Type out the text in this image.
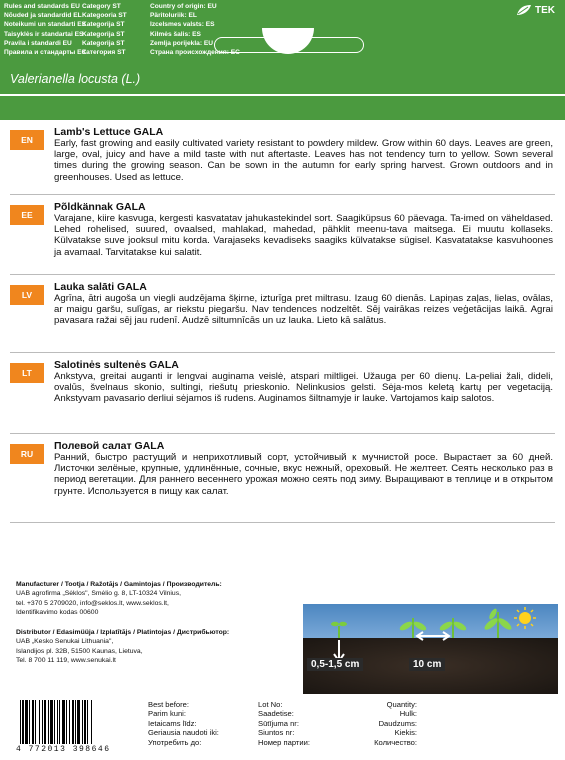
Rules and standards EU
Nõuded ja standardid EL
Noteikumi un standarti ES
Taisyklės ir standartai ES
Pravila i standardi EU
Правила и стандарты ЕС
Category ST
Kategooria ST
Kategorija ST
Kategorija ST
Kategorija ST
Категория ST
Country of origin: EU
Päritoluriik: EL
Izcelsmes valsts: ES
Kilmės šalis: ES
Zemlja porijekla: EU
Страна происхождения: ЕС
Valerianella locusta (L.)
TEK
EN
Lamb's Lettuce GALA
Early, fast growing and easily cultivated variety resistant to powdery mildew. Grow within 60 days. Leaves are green, large, oval, juicy and have a mild taste with nut aftertaste. Leaves has not tendency turn to yellow. Sown several times during the growing season. Can be sown in the autumn for early spring harvest. Grown outdoors and in greenhouses. Used as lettuce.
EE
Põldkännak GALA
Varajane, kiire kasvuga, kergesti kasvatatav jahukastekindel sort. Saagiküpsus 60 päevaga. Ta-imed on väheldased. Lehed rohelised, suured, ovaalsed, mahlakad, mahedad, pähklit meenu-tava maitsega. Ei muutu kollaseks. Külvatakse suve jooksul mitu korda. Varajaseks kevadiseks saagiks külvatakse sügisel. Kasvatatakse kasvuhoones ja avamaal. Tarvitatakse kui salatit.
LV
Lauka salāti GALA
Agrīna, ātri augoša un viegli audzējama šķirne, izturīga pret miltrasu. Izaug 60 dienās. Lapiņas zaļas, lielas, ovālas, ar maigu garšu, sulīgas, ar riekstu piegaršu. Nav tendences nodzeltēt. Sēj vairākas reizes veģetācijas laikā. Agrai pavasara ražai sēj jau rudenī. Audzē siltumnīcās un uz lauka. Lieto kā salātus.
LT
Salotinės sultenės GALA
Ankstyva, greitai auganti ir lengvai auginama veislė, atspari miltligei. Užauga per 60 dienų. La-peliai žali, dideli, ovalūs, švelnaus skonio, sultingi, riešutų prieskonio. Nelinkusios gelsti. Sėja-mos keletą kartų per vegetaciją. Ankstyvam pavasario derliui sėjamos iš rudens. Auginamos šiltnamyje ir lauke. Vartojamos kaip salotos.
RU
Полевой салат GALA
Ранний, быстро растущий и неприхотливый сорт, устойчивый к мучнистой росе. Вырастает за 60 дней. Листочки зелёные, крупные, удлинённые, сочные, вкус нежный, ореховый. Не желтеет. Сеять несколько раз в период вегетации. Для раннего весеннего урожая можно сеять под зиму. Выращивают в теплице и в открытом грунте. Используется в пищу как салат.
Manufacturer / Tootja / Ražotājs / Gamintojas / Производитель:
UAB agrofirma „Sėklos", Smėlio g. 8, LT-10324 Vilnius,
tel. +370 5 2709020, info@seklos.lt, www.seklos.lt,
Identifikavimo kodas 00600
Distributor / Edasimüüja / Izplatītājs / Platintojas / Дистрибьютор:
UAB „Kesko Senukai Lithuania",
Islandijos pl. 32B, 51500 Kaunas, Lietuva,
Tel. 8 700 11 119, www.senukai.lt	0,5-1,5 cm	10 cm
4 772013 398646
Best before:
Parim kuni:
Ietaicams līdz:
Geriausia naudoti iki:
Употребить до:
Lot No:
Saadetise:
Sūtījuma nr:
Siuntos nr:
Номер партии:
Quantity:
Hulk:
Daudzums:
Kiekis:
Количество:
